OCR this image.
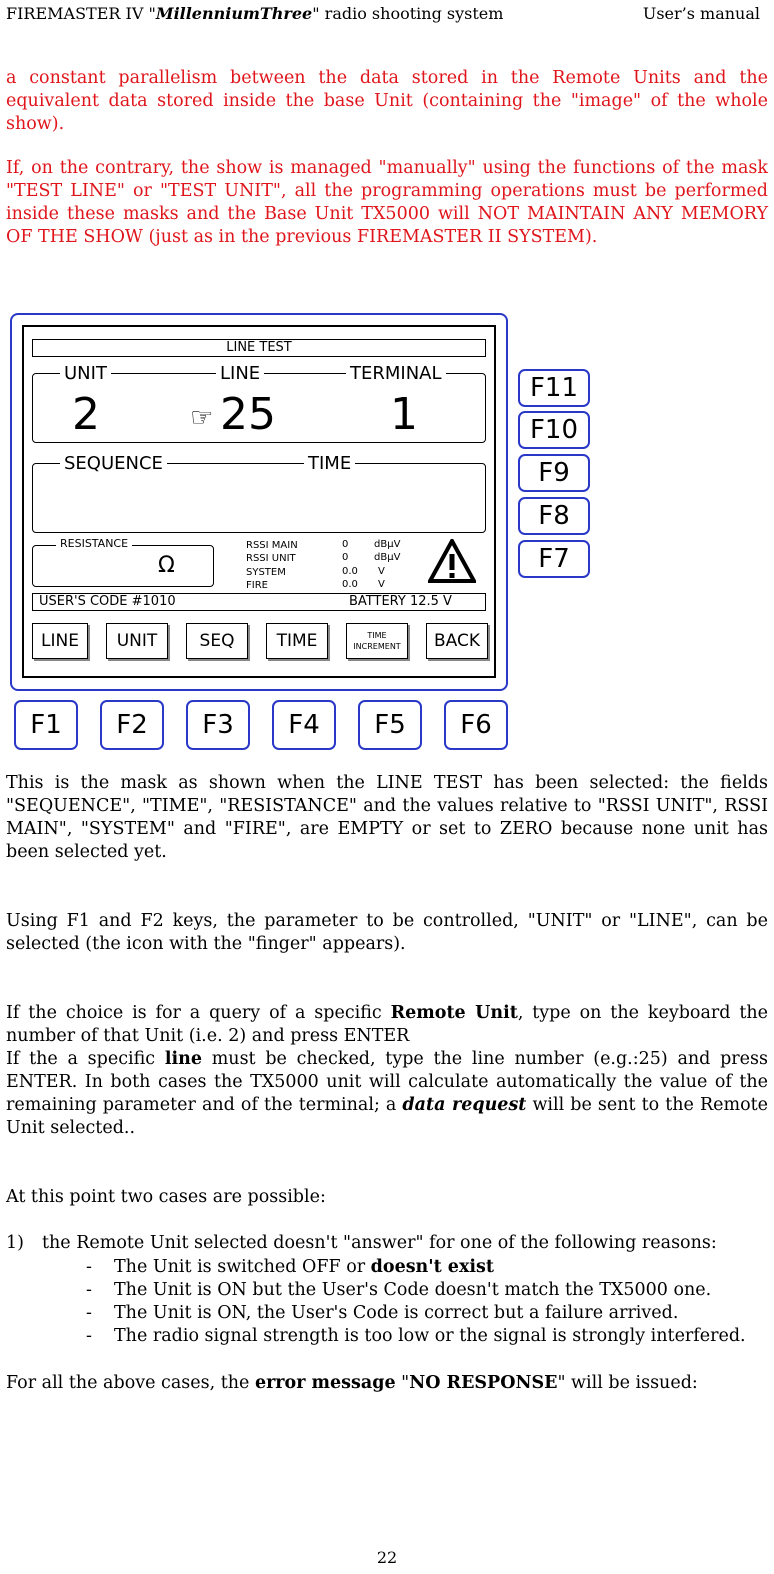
FIREMASTER IV "MillenniumThree" radio shooting system	User’s manual
a constant parallelism between the data stored in the Remote Units and the equivalent data stored inside the base Unit (containing the "image" of the whole show).
If, on the contrary, the show is managed "manually" using the functions of the mask "TEST LINE" or "TEST UNIT", all the programming operations must be performed inside these masks and the Base Unit TX5000 will NOT MAINTAIN ANY MEMORY OF THE SHOW (just as in the previous FIREMASTER II SYSTEM).
LINE TEST
UNIT	LINE	TERMINAL
2	☞ 25	1
SEQUENCE	TIME
RESISTANCE
Ω
RSSI MAIN	0	dBμV
RSSI UNIT	0	dBμV
SYSTEM	0.0 V
FIRE	0.0 V
USER'S CODE #1010	BATTERY 12.5 V
LINE	UNIT	SEQ	TIME	TIME INCREMENT	BACK
F11
F10
F9
F8
F7
F1	F2	F3	F4	F5	F6
This is the mask as shown when the LINE TEST has been selected: the fields "SEQUENCE", "TIME", "RESISTANCE" and the values relative to "RSSI UNIT", RSSI MAIN", "SYSTEM" and "FIRE", are EMPTY or set to ZERO because none unit has been selected yet.
Using F1 and F2 keys, the parameter to be controlled, "UNIT" or "LINE", can be selected (the icon with the "finger" appears).
If the choice is for a query of a specific Remote Unit, type on the keyboard the number of that Unit (i.e. 2) and press ENTER
If the a specific line must be checked, type the line number (e.g.:25) and press ENTER. In both cases the TX5000 unit will calculate automatically the value of the remaining parameter and of the terminal; a data request will be sent to the Remote Unit selected..
At this point two cases are possible:
1) the Remote Unit selected doesn't "answer" for one of the following reasons:
- The Unit is switched OFF or doesn't exist
- The Unit is ON but the User's Code doesn't match the TX5000 one.
- The Unit is ON, the User's Code is correct but a failure arrived.
- The radio signal strength is too low or the signal is strongly interfered.
For all the above cases, the error message "NO RESPONSE" will be issued:
22
